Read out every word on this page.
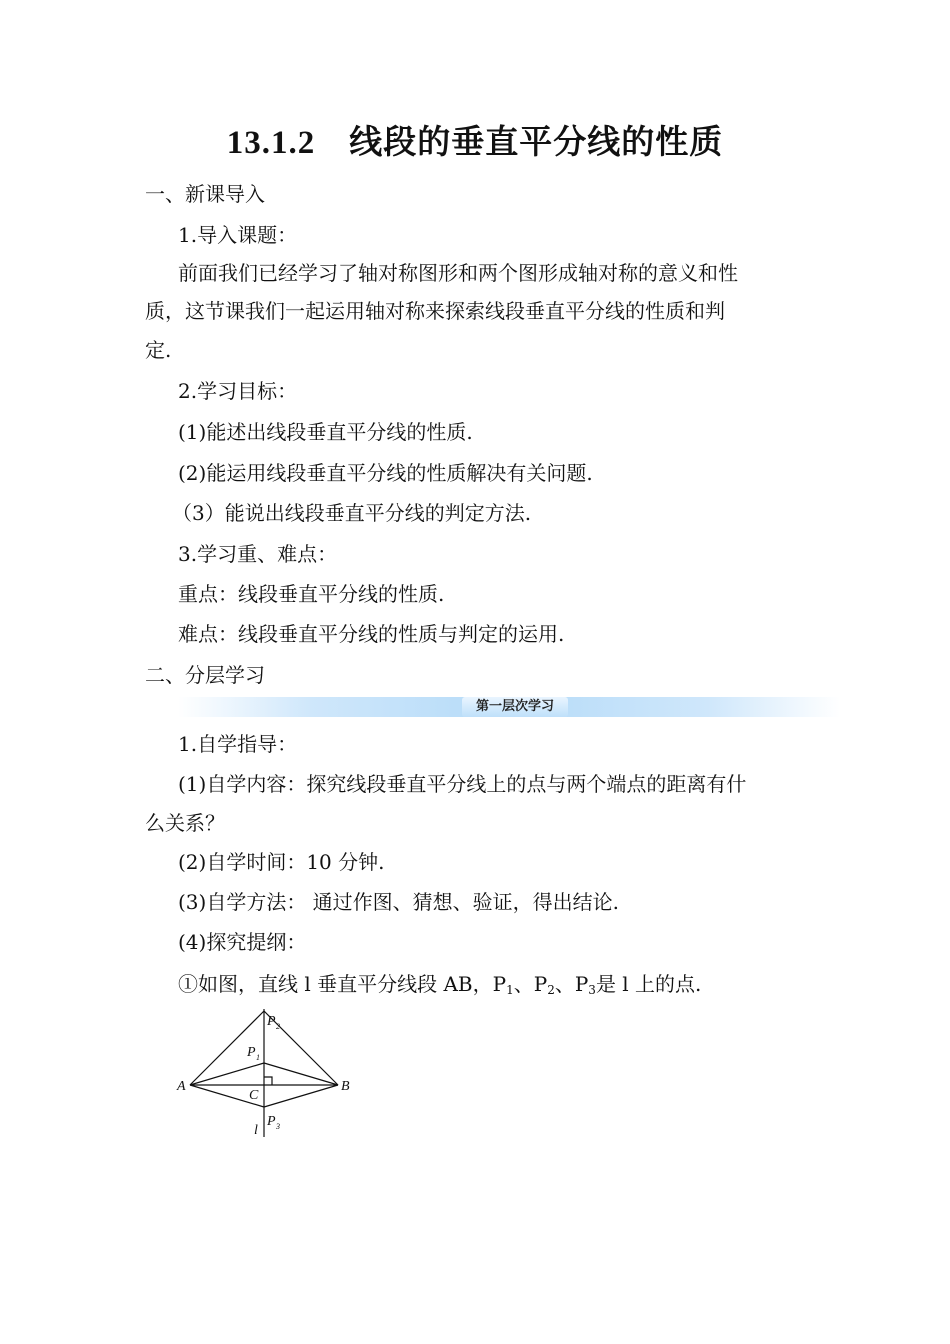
13.1.2 线段的垂直平分线的性质
一、新课导入
1.导入课题：
前面我们已经学习了轴对称图形和两个图形成轴对称的意义和性
质，这节课我们一起运用轴对称来探索线段垂直平分线的性质和判
定.
2.学习目标：
(1)能述出线段垂直平分线的性质.
(2)能运用线段垂直平分线的性质解决有关问题.
（3）能说出线段垂直平分线的判定方法.
3.学习重、难点：
重点：线段垂直平分线的性质.
难点：线段垂直平分线的性质与判定的运用.
二、分层学习
第一层次学习
1.自学指导：
(1)自学内容：探究线段垂直平分线上的点与两个端点的距离有什
么关系？
(2)自学时间：10 分钟.
(3)自学方法： 通过作图、猜想、验证，得出结论.
(4)探究提纲：
①如图，直线 l 垂直平分线段 AB，$P_1$、$P_2$、$P_3$是 l 上的点.
A	B
C
l
P 2
P 1
P 3
